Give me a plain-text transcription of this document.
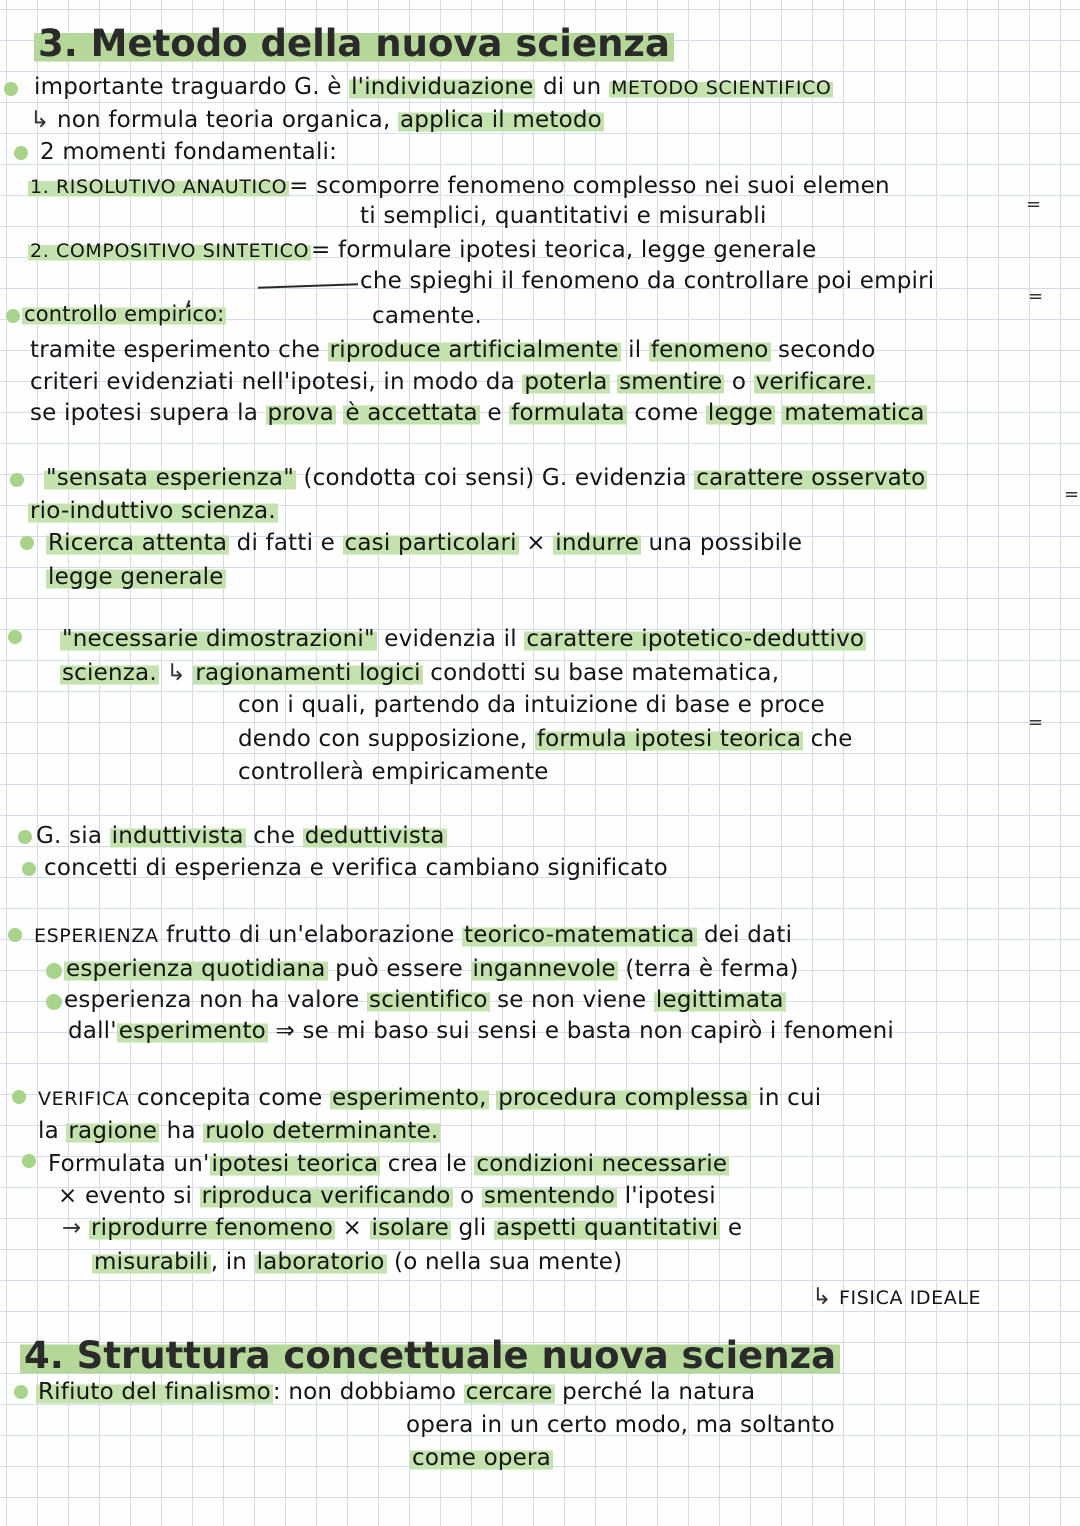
3. Metodo della nuova scienza
importante traguardo G. è l'individuazione di un METODO SCIENTIFICO
↳ non formula teoria organica, applica il metodo
2 momenti fondamentali:
1. RISOLUTIVO ANAUTICO= scomporre fenomeno complesso nei suoi elemen
=
ti semplici, quantitativi e misurabli
2. COMPOSITIVO SINTETICO= formulare ipotesi teorica, legge generale
che spieghi il fenomeno da controllare poi empiri
=
controllo empirico:	camente.
tramite esperimento che riproduce artificialmente il fenomeno secondo
criteri evidenziati nell'ipotesi, in modo da poterla smentire o verificare.
se ipotesi supera la prova è accettata e formulata come legge matematica
"sensata esperienza" (condotta coi sensi) G. evidenzia carattere osservato
=
rio-induttivo scienza.
Ricerca attenta di fatti e casi particolari × indurre una possibile
legge generale
"necessarie dimostrazioni" evidenzia il carattere ipotetico-deduttivo
scienza. ↳ ragionamenti logici condotti su base matematica,
con i quali, partendo da intuizione di base e proce
=
dendo con supposizione, formula ipotesi teorica che
controllerà empiricamente
G. sia induttivista che deduttivista
concetti di esperienza e verifica cambiano significato
ESPERIENZA frutto di un'elaborazione teorico-matematica dei dati
esperienza quotidiana può essere ingannevole (terra è ferma)
esperienza non ha valore scientifico se non viene legittimata
dall'esperimento ⇒ se mi baso sui sensi e basta non capirò i fenomeni
VERIFICA concepita come esperimento, procedura complessa in cui
la ragione ha ruolo determinante.
Formulata un'ipotesi teorica crea le condizioni necessarie
× evento si riproduca verificando o smentendo l'ipotesi
→ riprodurre fenomeno × isolare gli aspetti quantitativi e
misurabili, in laboratorio (o nella sua mente)
↳ FISICA IDEALE
4. Struttura concettuale nuova scienza
Rifiuto del finalismo: non dobbiamo cercare perché la natura
opera in un certo modo, ma soltanto
come opera
